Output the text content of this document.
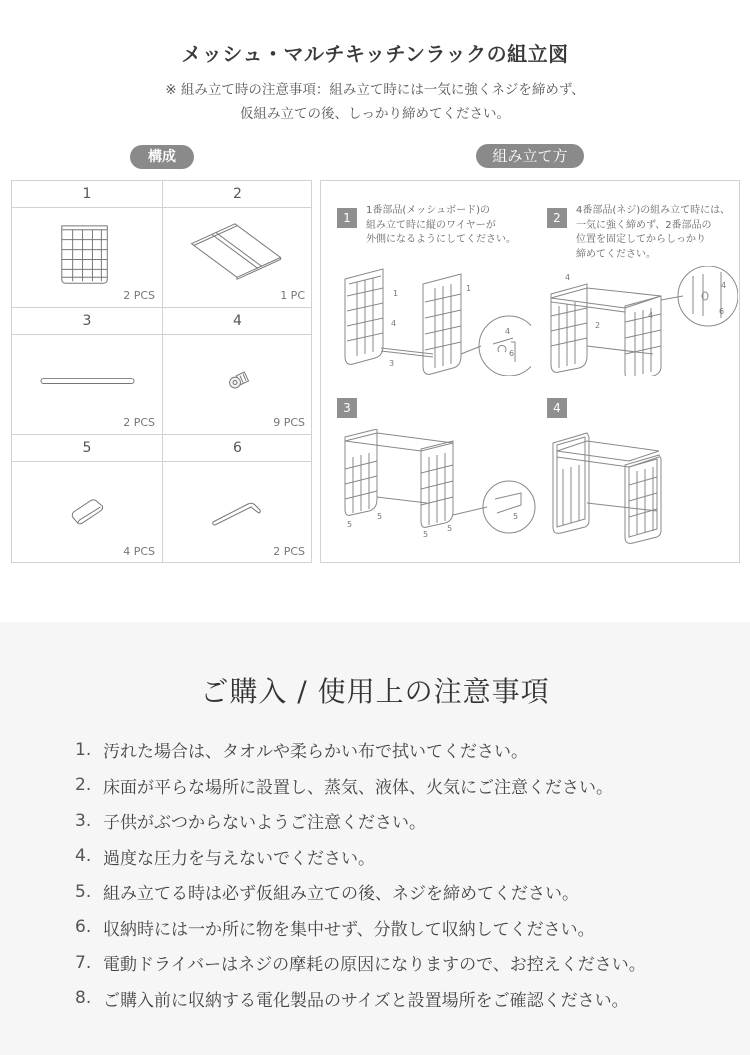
メッシュ・マルチキッチンラックの組立図
※ 組み立て時の注意事項：組み立て時には一気に強くネジを締めず、
仮組み立ての後、しっかり締めてください。
構成	組み立て方
1	2
2 PCS	1 PC
3	4
2 PCS	9 PCS
5	6
4 PCS	2 PCS
1
1番部品(メッシュボード)の
組み立て時に縦のワイヤーが
外側になるようにしてください。
1
1
4
3
4
6
2
4番部品(ネジ)の組み立て時には、
一気に強く締めず、2番部品の
位置を固定してからしっかり
締めてください。
4
4
2
4
6
3
5
5
5
5
5
4
ご購入 / 使用上の注意事項
1. 汚れた場合は、タオルや柔らかい布で拭いてください。
2. 床面が平らな場所に設置し、蒸気、液体、火気にご注意ください。
3. 子供がぶつからないようご注意ください。
4. 過度な圧力を与えないでください。
5. 組み立てる時は必ず仮組み立ての後、ネジを締めてください。
6. 収納時には一か所に物を集中せず、分散して収納してください。
7. 電動ドライバーはネジの摩耗の原因になりますので、お控えください。
8. ご購入前に収納する電化製品のサイズと設置場所をご確認ください。
